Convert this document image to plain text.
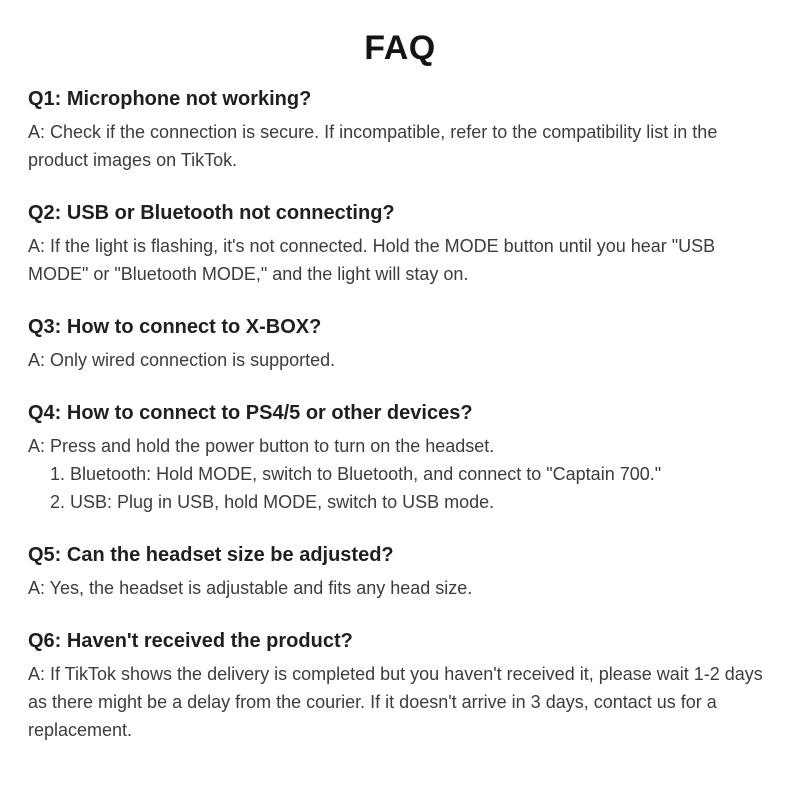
FAQ
Q1: Microphone not working?

A: Check if the connection is secure. If incompatible, refer to the compatibility list in the product images on TikTok.

Q2: USB or Bluetooth not connecting?

A: If the light is flashing, it's not connected. Hold the MODE button until you hear "USB MODE" or "Bluetooth MODE," and the light will stay on.

Q3: How to connect to X-BOX?

A: Only wired connection is supported.

Q4: How to connect to PS4/5 or other devices?

A: Press and hold the power button to turn on the headset.

1. Bluetooth: Hold MODE, switch to Bluetooth, and connect to "Captain 700."
2. USB: Plug in USB, hold MODE, switch to USB mode.
Q5: Can the headset size be adjusted?

A: Yes, the headset is adjustable and fits any head size.

Q6: Haven't received the product?

A: If TikTok shows the delivery is completed but you haven't received it, please wait 1-2 days as there might be a delay from the courier. If it doesn't arrive in 3 days, contact us for a replacement.
